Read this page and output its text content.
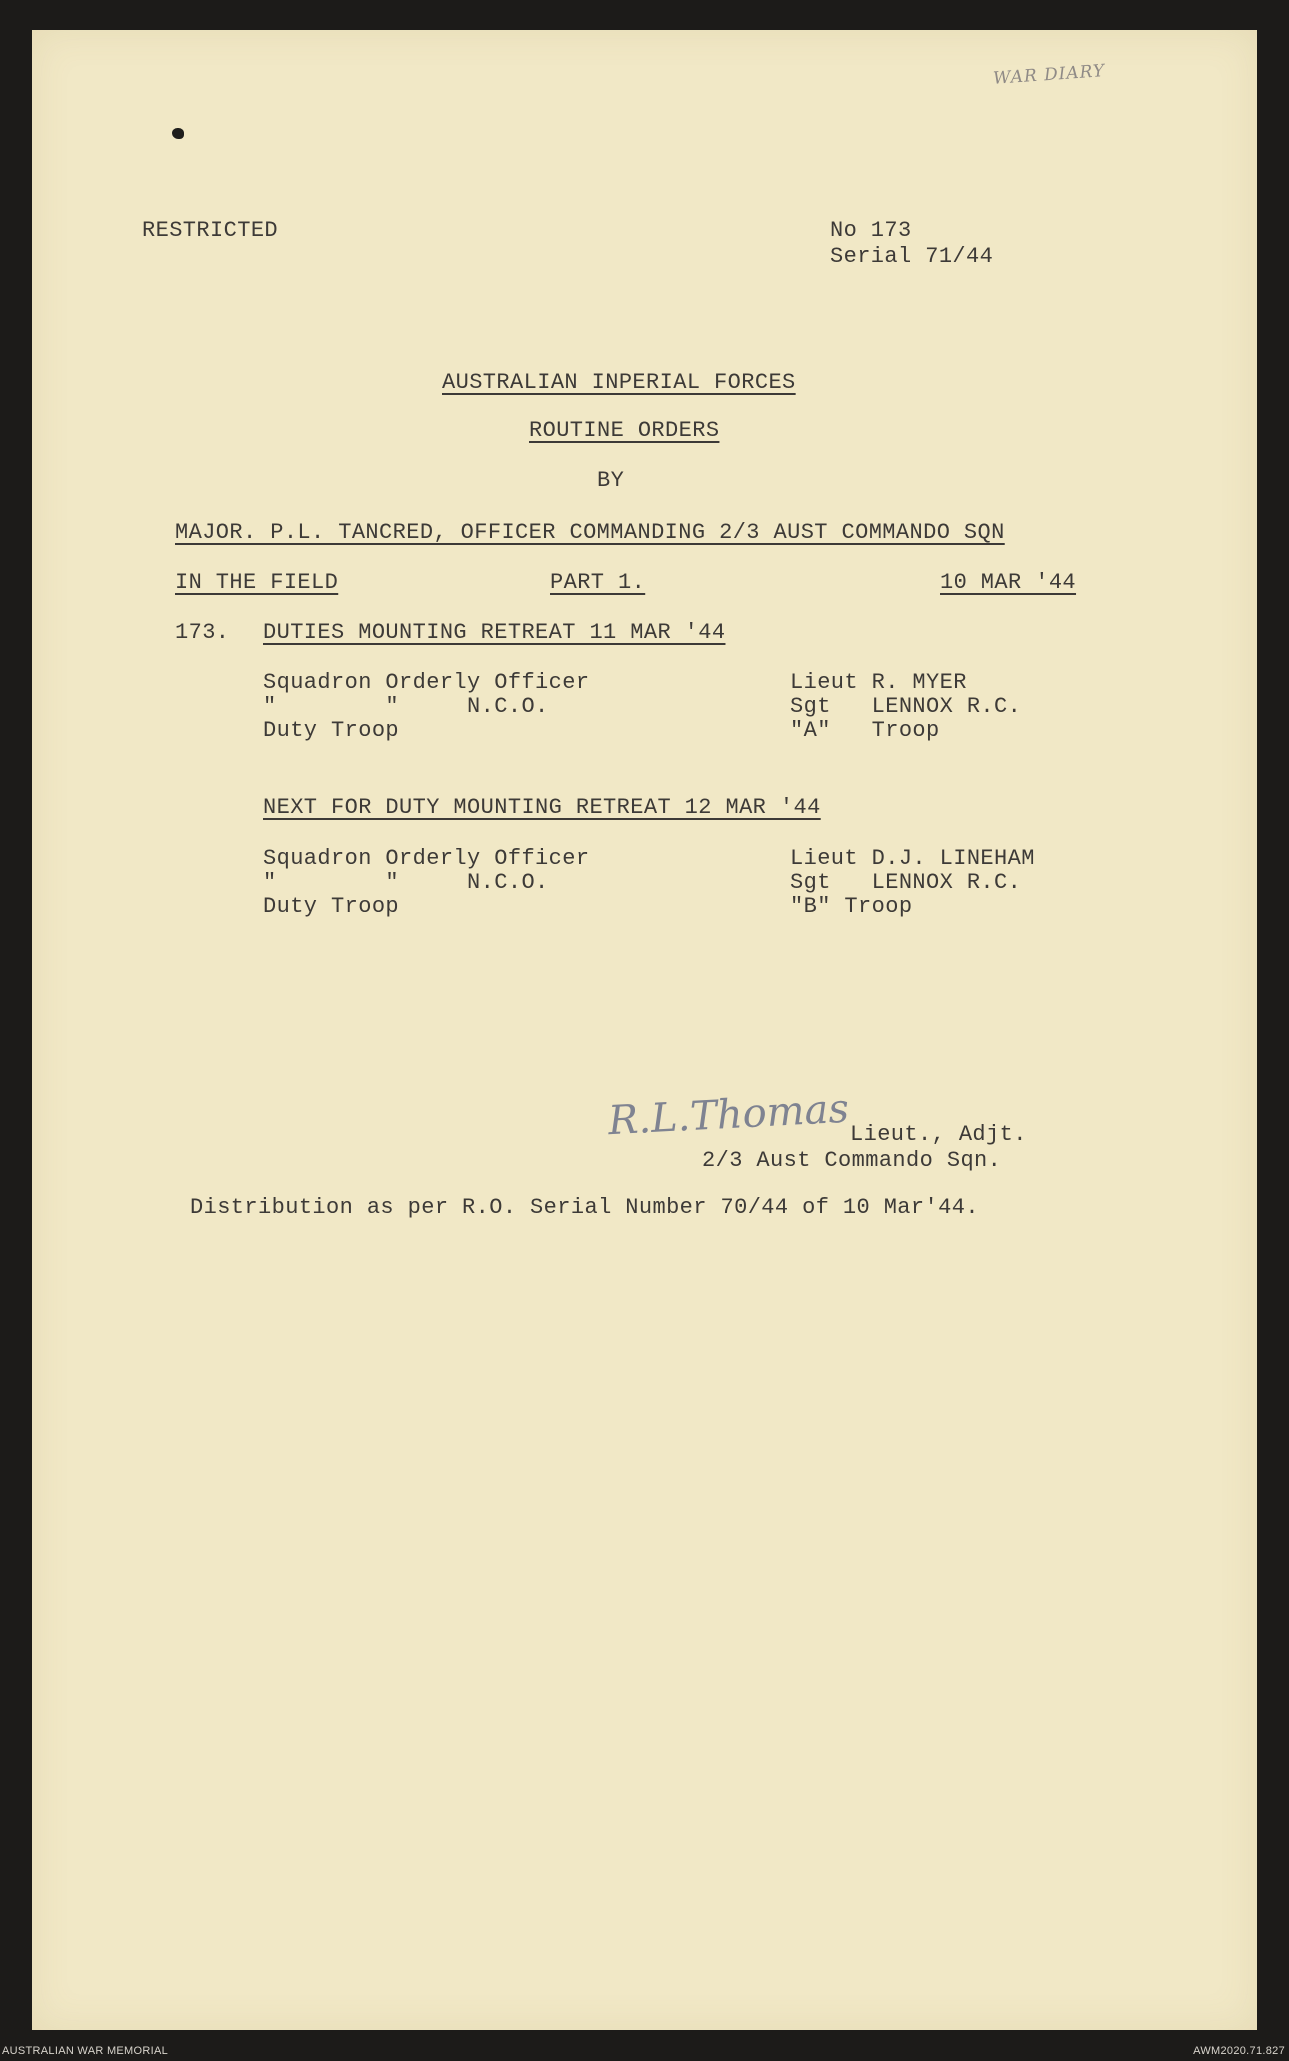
WAR DIARY
RESTRICTED	No 173
Serial 71/44
AUSTRALIAN INPERIAL FORCES
ROUTINE ORDERS
BY
MAJOR. P.L. TANCRED, OFFICER COMMANDING 2/3 AUST COMMANDO SQN
IN THE FIELD	PART 1.	10 MAR '44
173. DUTIES MOUNTING RETREAT 11 MAR '44
Squadron Orderly Officer	Lieut R. MYER
"        "     N.C.O.	Sgt   LENNOX R.C.
Duty Troop	"A"   Troop
NEXT FOR DUTY MOUNTING RETREAT 12 MAR '44
Squadron Orderly Officer	Lieut D.J. LINEHAM
"        "     N.C.O.	Sgt   LENNOX R.C.
Duty Troop	"B" Troop
R.L.Thomas Lieut., Adjt.
2/3 Aust Commando Sqn.
Distribution as per R.O. Serial Number 70/44 of 10 Mar'44.
AUSTRALIAN WAR MEMORIAL	AWM2020.71.827
